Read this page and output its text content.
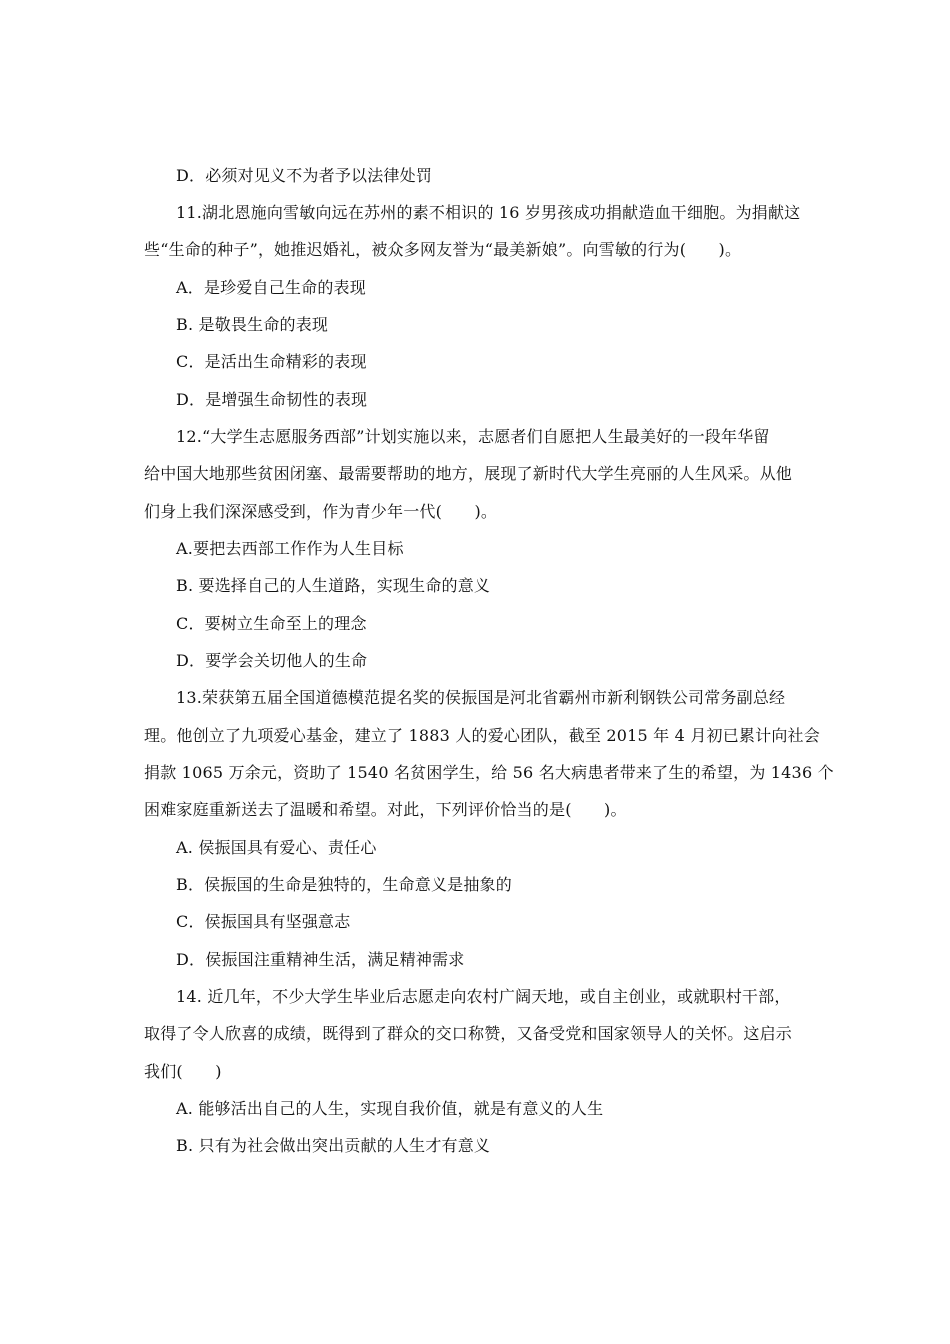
D．必须对见义不为者予以法律处罚
11.湖北恩施向雪敏向远在苏州的素不相识的 16 岁男孩成功捐献造血干细胞。为捐献这
些“生命的种子”，她推迟婚礼，被众多网友誉为“最美新娘”。向雪敏的行为(　　)。
A．是珍爱自己生命的表现
B. 是敬畏生命的表现
C．是活出生命精彩的表现
D．是增强生命韧性的表现
12.“大学生志愿服务西部”计划实施以来，志愿者们自愿把人生最美好的一段年华留
给中国大地那些贫困闭塞、最需要帮助的地方，展现了新时代大学生亮丽的人生风采。从他
们身上我们深深感受到，作为青少年一代(　　)。
A.要把去西部工作作为人生目标
B. 要选择自己的人生道路，实现生命的意义
C．要树立生命至上的理念
D．要学会关切他人的生命
13.荣获第五届全国道德模范提名奖的侯振国是河北省霸州市新利钢铁公司常务副总经
理。他创立了九项爱心基金，建立了 1883 人的爱心团队，截至 2015 年 4 月初已累计向社会
捐款 1065 万余元，资助了 1540 名贫困学生，给 56 名大病患者带来了生的希望，为 1436 个
困难家庭重新送去了温暖和希望。对此，下列评价恰当的是(　　)。
A. 侯振国具有爱心、责任心
B．侯振国的生命是独特的，生命意义是抽象的
C．侯振国具有坚强意志
D．侯振国注重精神生活，满足精神需求
14. 近几年，不少大学生毕业后志愿走向农村广阔天地，或自主创业，或就职村干部，
取得了令人欣喜的成绩，既得到了群众的交口称赞，又备受党和国家领导人的关怀。这启示
我们(　　)
A. 能够活出自己的人生，实现自我价值，就是有意义的人生
B. 只有为社会做出突出贡献的人生才有意义
